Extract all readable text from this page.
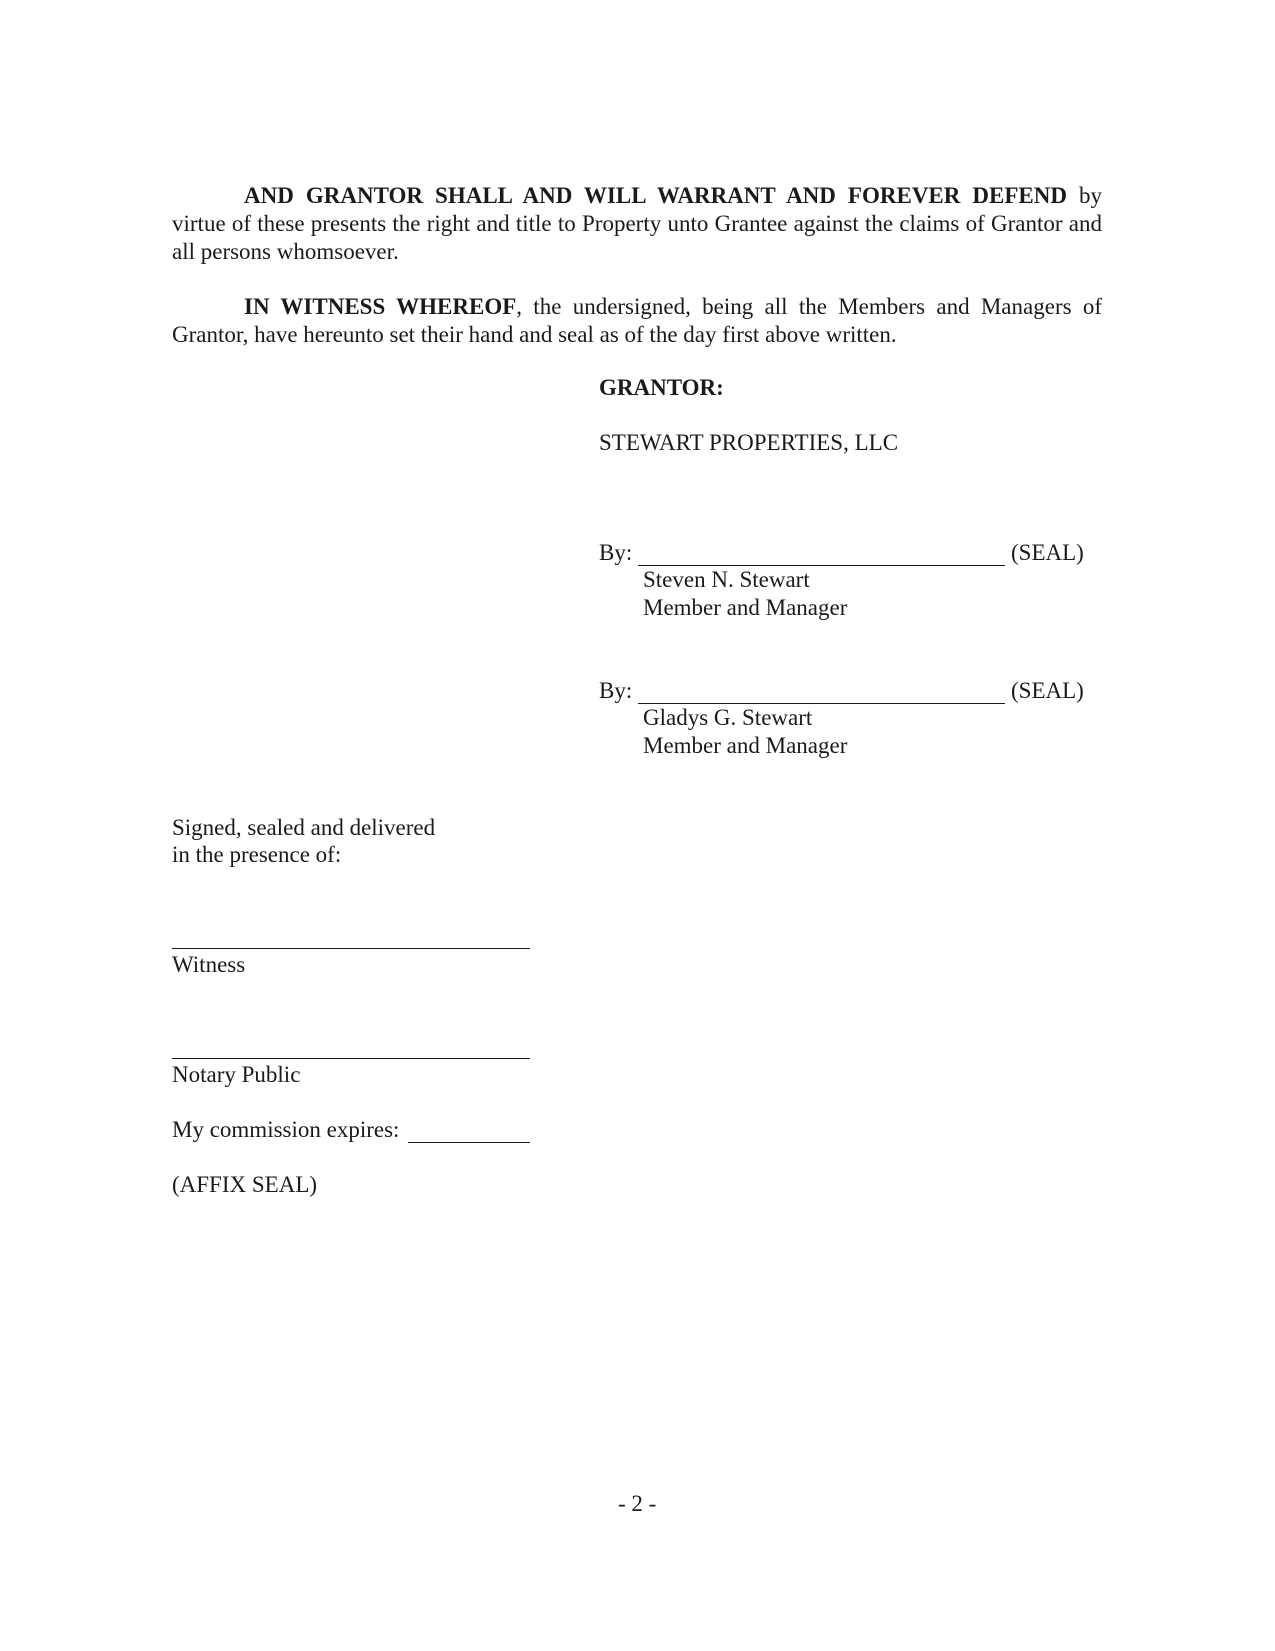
AND GRANTOR SHALL AND WILL WARRANT AND FOREVER DEFEND by virtue of these presents the right and title to Property unto Grantee against the claims of Grantor and all persons whomsoever.

IN WITNESS WHEREOF, the undersigned, being all the Members and Managers of Grantor, have hereunto set their hand and seal as of the day first above written.

GRANTOR:
STEWART PROPERTIES, LLC
By:	(SEAL)
Steven N. Stewart
Member and Manager
By:	(SEAL)
Gladys G. Stewart
Member and Manager
Signed, sealed and delivered
in the presence of:
Witness
Notary Public
My commission expires:
(AFFIX SEAL)
- 2 -
